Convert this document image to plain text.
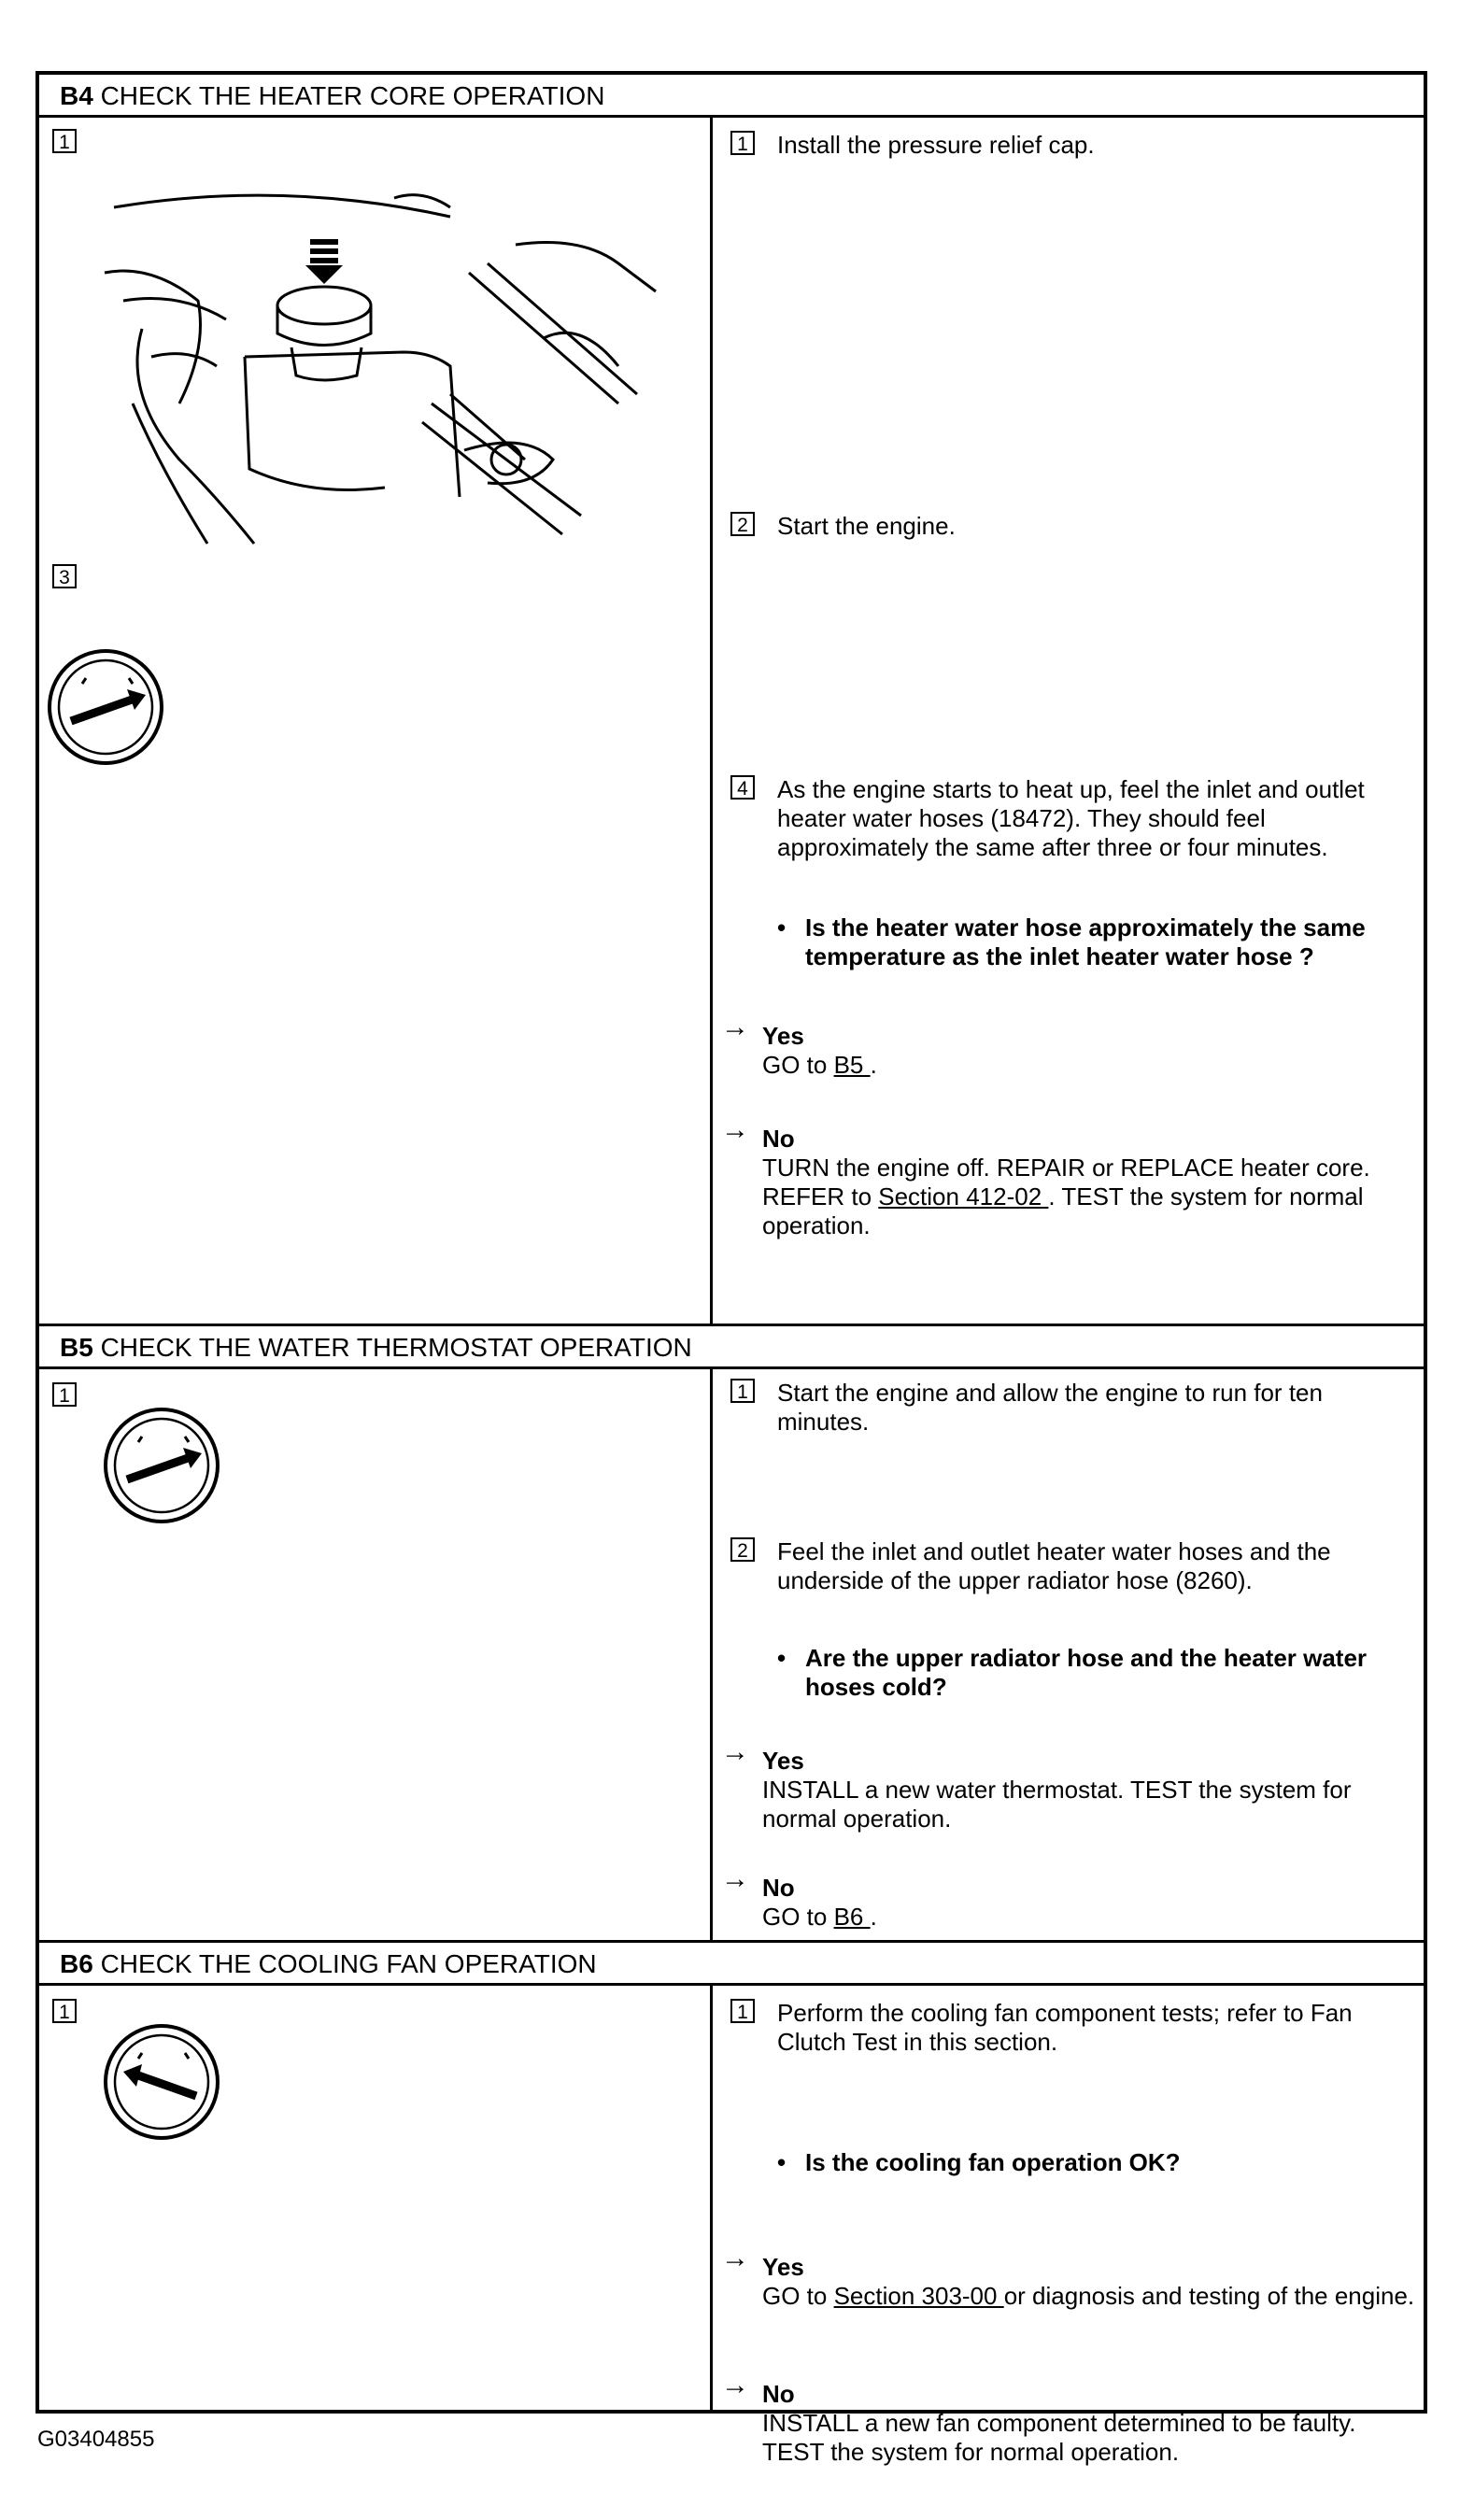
B4 CHECK THE HEATER CORE OPERATION
1
3
1 Install the pressure relief cap.
2 Start the engine.
4 As the engine starts to heat up, feel the inlet and outlet heater water hoses (18472). They should feel approximately the same after three or four minutes.
• Is the heater water hose approximately the same temperature as the inlet heater water hose ?
→ Yes
GO to B5 .
→ No
TURN the engine off. REPAIR or REPLACE heater core. REFER to Section 412-02 . TEST the system for normal operation.
B5 CHECK THE WATER THERMOSTAT OPERATION
1	1 Start the engine and allow the engine to run for ten minutes.
2 Feel the inlet and outlet heater water hoses and the underside of the upper radiator hose (8260).
• Are the upper radiator hose and the heater water hoses cold?
→ Yes
INSTALL a new water thermostat. TEST the system for normal operation.
→ No
GO to B6 .
B6 CHECK THE COOLING FAN OPERATION
1	1 Perform the cooling fan component tests; refer to Fan Clutch Test in this section.
• Is the cooling fan operation OK?
→ Yes
GO to Section 303-00 or diagnosis and testing of the engine.
→ No
INSTALL a new fan component determined to be faulty. TEST the system for normal operation.
G03404855
